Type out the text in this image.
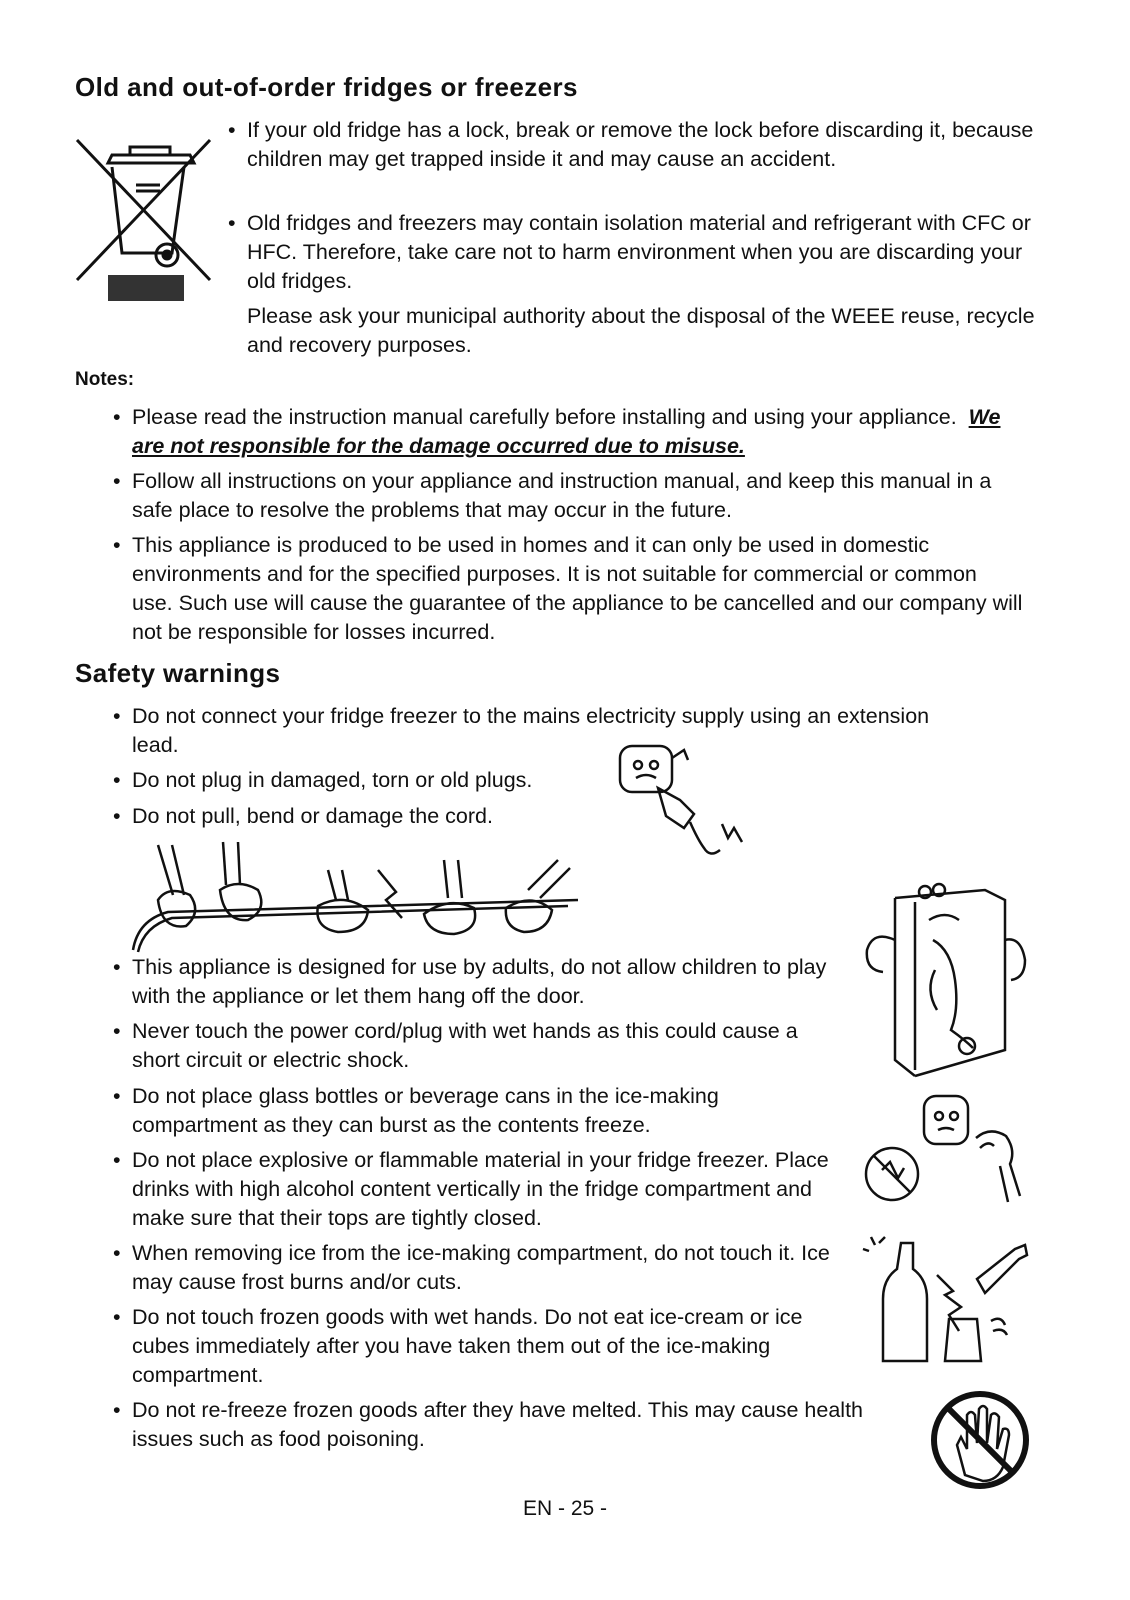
Old and out-of-order fridges or freezers
• If your old fridge has a lock, break or remove the lock before discarding it, because children may get trapped inside it and may cause an accident.
• Old fridges and freezers may contain isolation material and refrigerant with CFC or HFC. Therefore, take care not to harm environment when you are discarding your old fridges.
Please ask your municipal authority about the disposal of the WEEE reuse, recycle and recovery purposes.
Notes:
• Please read the instruction manual carefully before installing and using your appliance. We are not responsible for the damage occurred due to misuse.
• Follow all instructions on your appliance and instruction manual, and keep this manual in a safe place to resolve the problems that may occur in the future.
• This appliance is produced to be used in homes and it can only be used in domestic environments and for the specified purposes. It is not suitable for commercial or common use. Such use will cause the guarantee of the appliance to be cancelled and our company will not be responsible for losses incurred.
Safety warnings
• Do not connect your fridge freezer to the mains electricity supply using an extension lead.
• Do not plug in damaged, torn or old plugs.
• Do not pull, bend or damage the cord.
• This appliance is designed for use by adults, do not allow children to play with the appliance or let them hang off the door.
• Never touch the power cord/plug with wet hands as this could cause a short circuit or electric shock.
• Do not place glass bottles or beverage cans in the ice-making compartment as they can burst as the contents freeze.
• Do not place explosive or flammable material in your fridge freezer. Place drinks with high alcohol content vertically in the fridge compartment and make sure that their tops are tightly closed.
• When removing ice from the ice-making compartment, do not touch it. Ice may cause frost burns and/or cuts.
• Do not touch frozen goods with wet hands. Do not eat ice-cream or ice cubes immediately after you have taken them out of the ice-making compartment.
• Do not re-freeze frozen goods after they have melted. This may cause health issues such as food poisoning.
EN - 25 -
